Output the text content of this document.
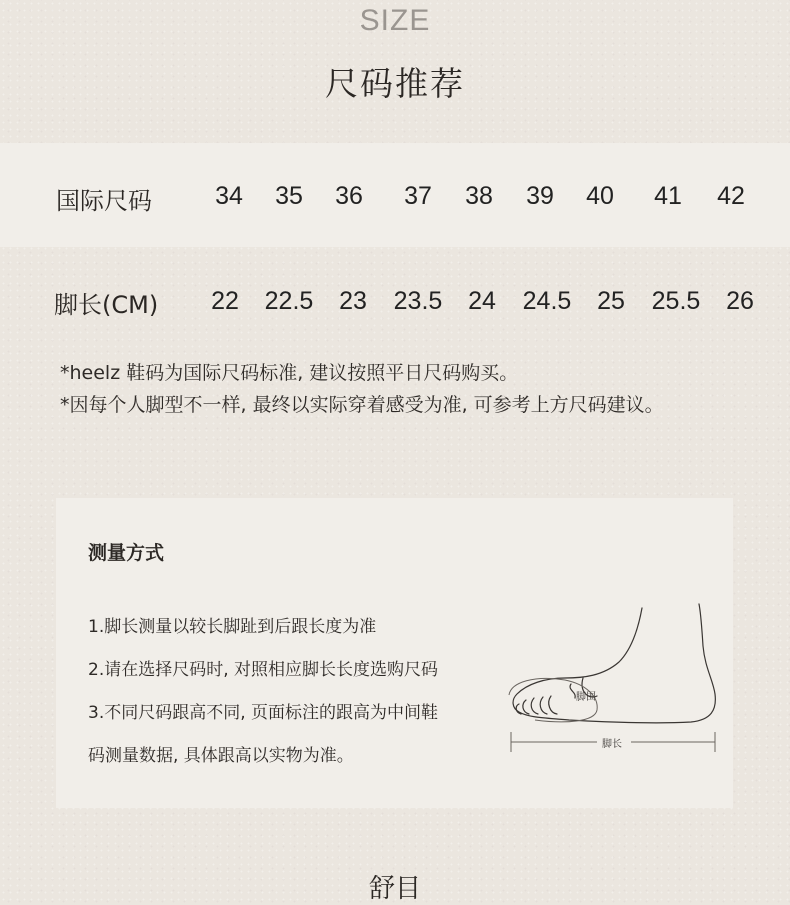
SIZE
尺码推荐
国际尺码	34	35	36	37	38	39	40	41	42
脚长(CM)	22	22.5	23	23.5	24	24.5	25	25.5	26
*heelz 鞋码为国际尺码标准, 建议按照平日尺码购买。
*因每个人脚型不一样, 最终以实际穿着感受为准, 可参考上方尺码建议。
测量方式
1.脚长测量以较长脚趾到后跟长度为准
2.请在选择尺码时, 对照相应脚长长度选购尺码
3.不同尺码跟高不同, 页面标注的跟高为中间鞋
码测量数据, 具体跟高以实物为准。
脚围
脚长
舒目
